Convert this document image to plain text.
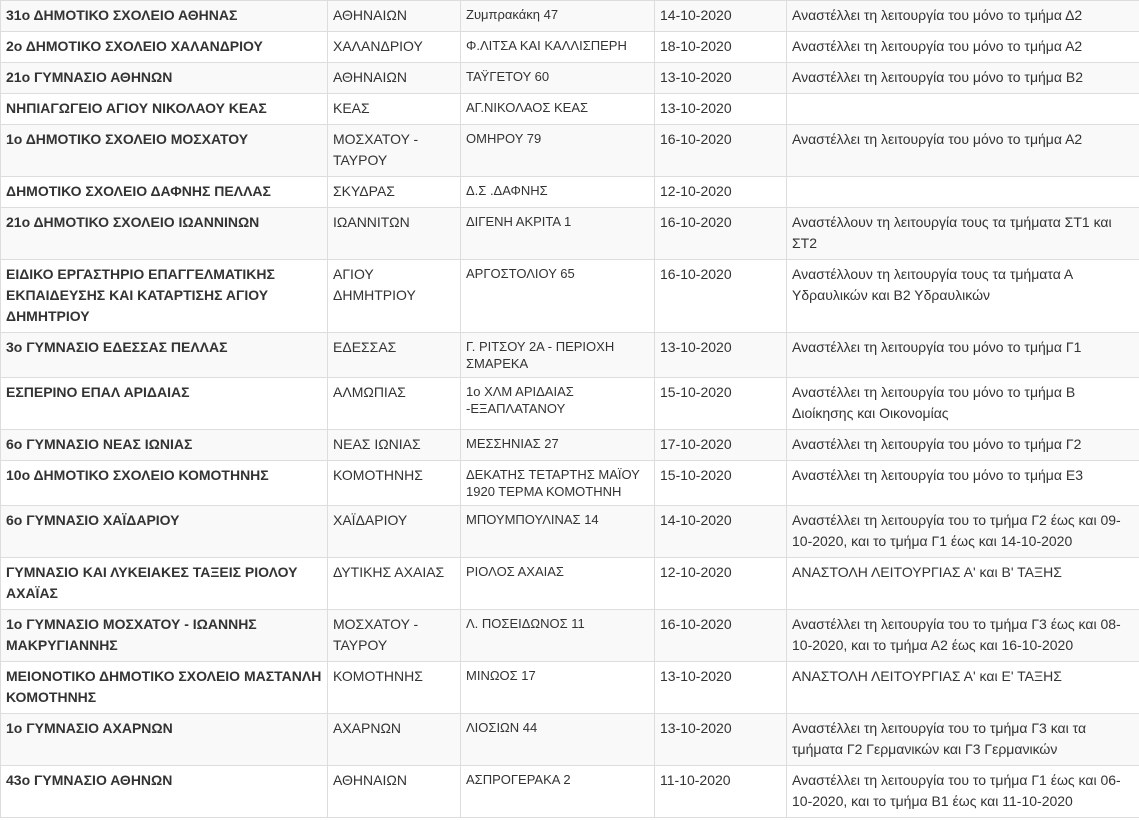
31ο ΔΗΜΟΤΙΚΟ ΣΧΟΛΕΙΟ ΑΘΗΝΑΣ	ΑΘΗΝΑΙΩΝ	Ζυμπρακάκη 47	14-10-2020	Αναστέλλει τη λειτουργία του μόνο το τμήμα Δ2
2ο ΔΗΜΟΤΙΚΟ ΣΧΟΛΕΙΟ ΧΑΛΑΝΔΡΙΟΥ	ΧΑΛΑΝΔΡΙΟΥ	Φ.ΛΙΤΣΑ ΚΑΙ ΚΑΛΛΙΣΠΕΡΗ	18-10-2020	Αναστέλλει τη λειτουργία του μόνο το τμήμα Α2
21ο ΓΥΜΝΑΣΙΟ ΑΘΗΝΩΝ	ΑΘΗΝΑΙΩΝ	ΤΑΫΓΕΤΟΥ 60	13-10-2020	Αναστέλλει τη λειτουργία του μόνο το τμήμα Β2
ΝΗΠΙΑΓΩΓΕΙΟ ΑΓΙΟΥ ΝΙΚΟΛΑΟΥ ΚΕΑΣ	ΚΕΑΣ	ΑΓ.ΝΙΚΟΛΑΟΣ ΚΕΑΣ	13-10-2020	
1ο ΔΗΜΟΤΙΚΟ ΣΧΟΛΕΙΟ ΜΟΣΧΑΤΟΥ	ΜΟΣΧΑΤΟΥ - ΤΑΥΡΟΥ	ΟΜΗΡΟΥ 79	16-10-2020	Αναστέλλει τη λειτουργία του μόνο το τμήμα Α2
ΔΗΜΟΤΙΚΟ ΣΧΟΛΕΙΟ ΔΑΦΝΗΣ ΠΕΛΛΑΣ	ΣΚΥΔΡΑΣ	Δ.Σ .ΔΑΦΝΗΣ	12-10-2020	
21ο ΔΗΜΟΤΙΚΟ ΣΧΟΛΕΙΟ ΙΩΑΝΝΙΝΩΝ	ΙΩΑΝΝΙΤΩΝ	ΔΙΓΕΝΗ ΑΚΡΙΤΑ 1	16-10-2020	Αναστέλλουν τη λειτουργία τους τα τμήματα ΣΤ1 και ΣΤ2
ΕΙΔΙΚΟ ΕΡΓΑΣΤΗΡΙΟ ΕΠΑΓΓΕΛΜΑΤΙΚΗΣ ΕΚΠΑΙΔΕΥΣΗΣ ΚΑΙ ΚΑΤΑΡΤΙΣΗΣ ΑΓΙΟΥ ΔΗΜΗΤΡΙΟΥ	ΑΓΙΟΥ ΔΗΜΗΤΡΙΟΥ	ΑΡΓΟΣΤΟΛΙΟΥ 65	16-10-2020	Αναστέλλουν τη λειτουργία τους τα τμήματα Α Υδραυλικών και Β2 Υδραυλικών
3ο ΓΥΜΝΑΣΙΟ ΕΔΕΣΣΑΣ ΠΕΛΛΑΣ	ΕΔΕΣΣΑΣ	Γ. ΡΙΤΣΟΥ 2Α - ΠΕΡΙΟΧΗ ΣΜΑΡΕΚΑ	13-10-2020	Αναστέλλει τη λειτουργία του μόνο το τμήμα Γ1
ΕΣΠΕΡΙΝΟ ΕΠΑΛ ΑΡΙΔΑΙΑΣ	ΑΛΜΩΠΙΑΣ	1ο ΧΛΜ ΑΡΙΔΑΙΑΣ -ΕΞΑΠΛΑΤΑΝΟΥ	15-10-2020	Αναστέλλει τη λειτουργία του μόνο το τμήμα Β Διοίκησης και Οικονομίας
6ο ΓΥΜΝΑΣΙΟ ΝΕΑΣ ΙΩΝΙΑΣ	ΝΕΑΣ ΙΩΝΙΑΣ	ΜΕΣΣΗΝΙΑΣ 27	17-10-2020	Αναστέλλει τη λειτουργία του μόνο το τμήμα Γ2
10ο ΔΗΜΟΤΙΚΟ ΣΧΟΛΕΙΟ ΚΟΜΟΤΗΝΗΣ	ΚΟΜΟΤΗΝΗΣ	ΔΕΚΑΤΗΣ ΤΕΤΑΡΤΗΣ ΜΑΪΟΥ 1920 ΤΕΡΜΑ ΚΟΜΟΤΗΝΗ	15-10-2020	Αναστέλλει τη λειτουργία του μόνο το τμήμα Ε3
6ο ΓΥΜΝΑΣΙΟ ΧΑΪΔΑΡΙΟΥ	ΧΑΪΔΑΡΙΟΥ	ΜΠΟΥΜΠΟΥΛΙΝΑΣ 14	14-10-2020	Αναστέλλει τη λειτουργία του το τμήμα Γ2 έως και 09-10-2020, και το τμήμα Γ1 έως και 14-10-2020
ΓΥΜΝΑΣΙΟ ΚΑΙ ΛΥΚΕΙΑΚΕΣ ΤΑΞΕΙΣ ΡΙΟΛΟΥ ΑΧΑΪΑΣ	ΔΥΤΙΚΗΣ ΑΧΑΙΑΣ	ΡΙΟΛΟΣ ΑΧΑΙΑΣ	12-10-2020	ΑΝΑΣΤΟΛΗ ΛΕΙΤΟΥΡΓΙΑΣ Α' και Β' ΤΑΞΗΣ
1ο ΓΥΜΝΑΣΙΟ ΜΟΣΧΑΤΟΥ - ΙΩΑΝΝΗΣ ΜΑΚΡΥΓΙΑΝΝΗΣ	ΜΟΣΧΑΤΟΥ - ΤΑΥΡΟΥ	Λ. ΠΟΣΕΙΔΩΝΟΣ 11	16-10-2020	Αναστέλλει τη λειτουργία του το τμήμα Γ3 έως και 08-10-2020, και το τμήμα Α2 έως και 16-10-2020
ΜΕΙΟΝΟΤΙΚΟ ΔΗΜΟΤΙΚΟ ΣΧΟΛΕΙΟ ΜΑΣΤΑΝΛΗ ΚΟΜΟΤΗΝΗΣ	ΚΟΜΟΤΗΝΗΣ	ΜΙΝΩΟΣ 17	13-10-2020	ΑΝΑΣΤΟΛΗ ΛΕΙΤΟΥΡΓΙΑΣ Α' και Ε' ΤΑΞΗΣ
1ο ΓΥΜΝΑΣΙΟ ΑΧΑΡΝΩΝ	ΑΧΑΡΝΩΝ	ΛΙΟΣΙΩΝ 44	13-10-2020	Αναστέλλει τη λειτουργία του το τμήμα Γ3 και τα τμήματα Γ2 Γερμανικών και Γ3 Γερμανικών
43ο ΓΥΜΝΑΣΙΟ ΑΘΗΝΩΝ	ΑΘΗΝΑΙΩΝ	ΑΣΠΡΟΓΕΡΑΚΑ 2	11-10-2020	Αναστέλλει τη λειτουργία του το τμήμα Γ1 έως και 06-10-2020, και το τμήμα Β1 έως και 11-10-2020
